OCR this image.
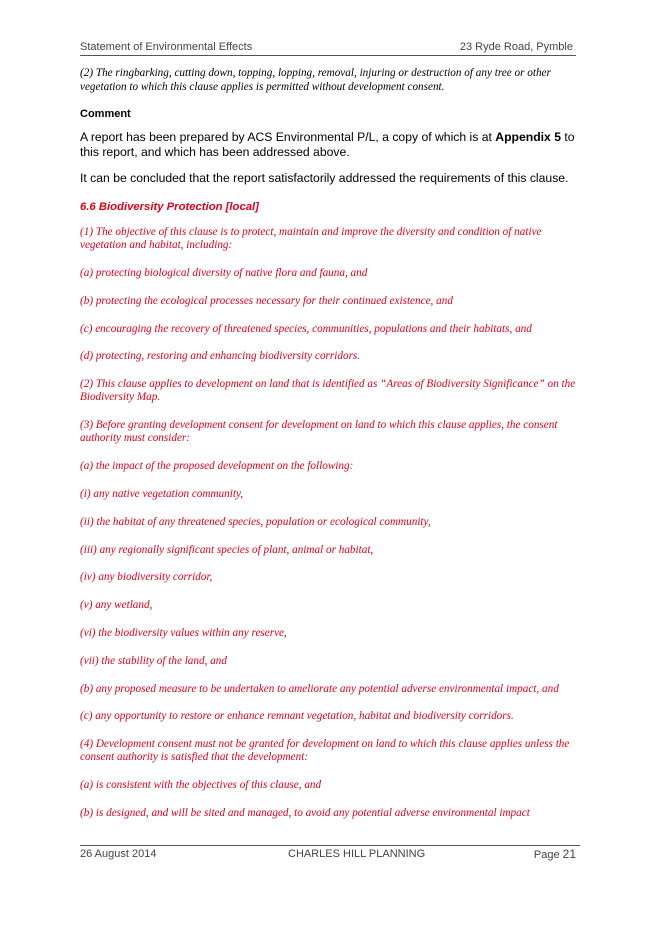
Statement of Environmental Effects	23 Ryde Road, Pymble

(2) The ringbarking, cutting down, topping, lopping, removal, injuring or destruction of any tree or other vegetation to which this clause applies is permitted without development consent.

Comment

A report has been prepared by ACS Environmental P/L, a copy of which is at Appendix 5 to this report, and which has been addressed above.

It can be concluded that the report satisfactorily addressed the requirements of this clause.

6.6 Biodiversity Protection [local]

(1) The objective of this clause is to protect, maintain and improve the diversity and condition of native vegetation and habitat, including:

(a) protecting biological diversity of native flora and fauna, and

(b) protecting the ecological processes necessary for their continued existence, and

(c) encouraging the recovery of threatened species, communities, populations and their habitats, and

(d) protecting, restoring and enhancing biodiversity corridors.

(2) This clause applies to development on land that is identified as “Areas of Biodiversity Significance” on the Biodiversity Map.

(3) Before granting development consent for development on land to which this clause applies, the consent authority must consider:

(a) the impact of the proposed development on the following:

(i) any native vegetation community,

(ii) the habitat of any threatened species, population or ecological community,

(iii) any regionally significant species of plant, animal or habitat,

(iv) any biodiversity corridor,

(v) any wetland,

(vi) the biodiversity values within any reserve,

(vii) the stability of the land, and

(b) any proposed measure to be undertaken to ameliorate any potential adverse environmental impact, and

(c) any opportunity to restore or enhance remnant vegetation, habitat and biodiversity corridors.

(4) Development consent must not be granted for development on land to which this clause applies unless the consent authority is satisfied that the development:

(a) is consistent with the objectives of this clause, and

(b) is designed, and will be sited and managed, to avoid any potential adverse environmental impact

26 August 2014	CHARLES HILL PLANNING	Page 21
